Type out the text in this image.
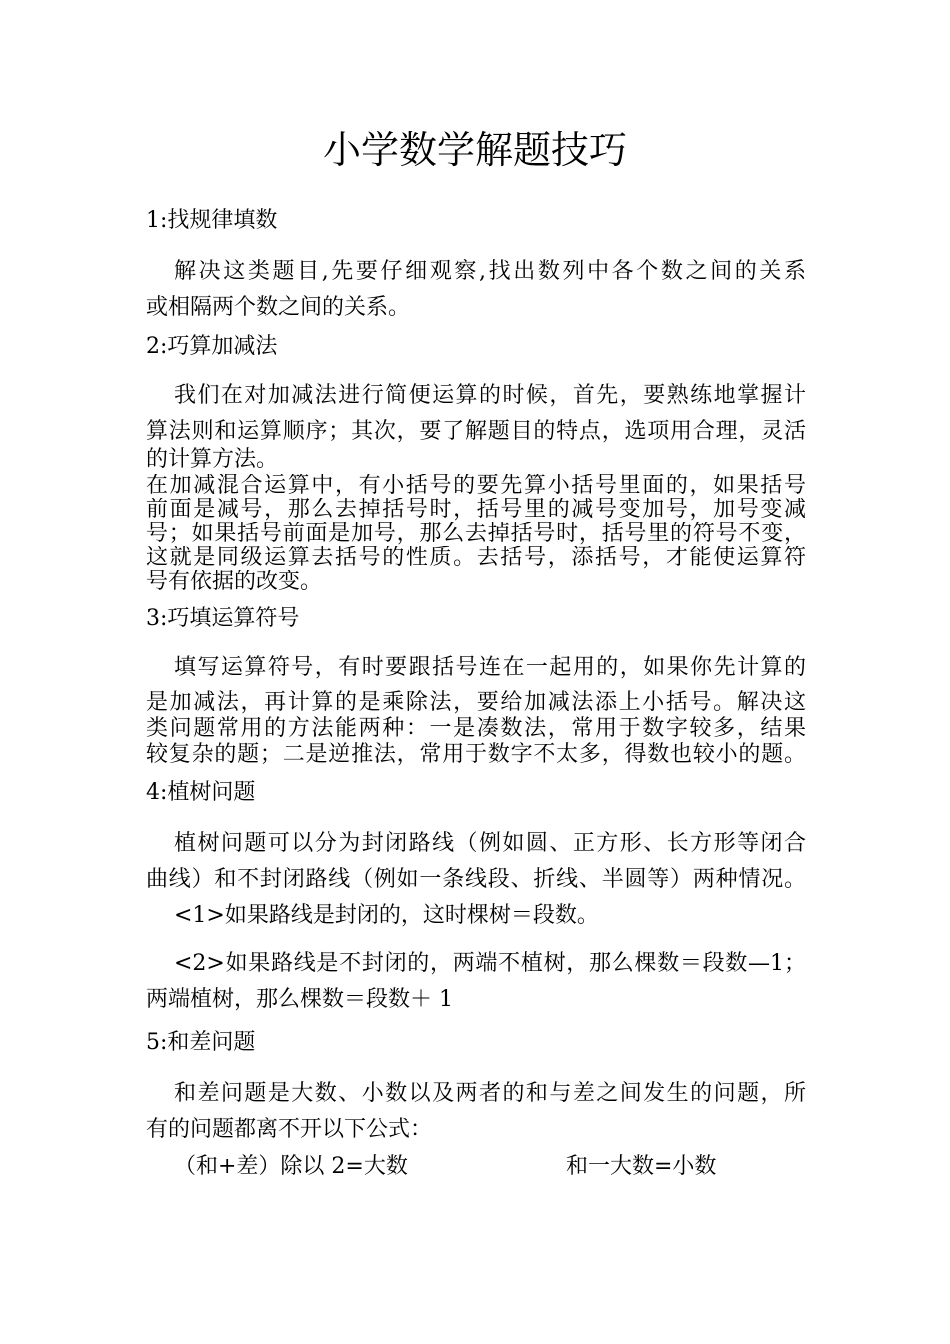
小学数学解题技巧
1:找规律填数
解决这类题目,先要仔细观察,找出数列中各个数之间的关系
或相隔两个数之间的关系。
2:巧算加减法
我们在对加减法进行简便运算的时候，首先，要熟练地掌握计
算法则和运算顺序；其次，要了解题目的特点，选项用合理，灵活
的计算方法。
在加减混合运算中，有小括号的要先算小括号里面的，如果括号
前面是减号，那么去掉括号时，括号里的减号变加号，加号变减
号；如果括号前面是加号，那么去掉括号时，括号里的符号不变，
这就是同级运算去括号的性质。去括号，添括号，才能使运算符
号有依据的改变。
3:巧填运算符号
填写运算符号，有时要跟括号连在一起用的，如果你先计算的
是加减法，再计算的是乘除法，要给加减法添上小括号。解决这
类问题常用的方法能两种：一是凑数法，常用于数字较多，结果
较复杂的题；二是逆推法，常用于数字不太多，得数也较小的题。
4:植树问题
植树问题可以分为封闭路线（例如圆、正方形、长方形等闭合
曲线）和不封闭路线（例如一条线段、折线、半圆等）两种情况。
<1>如果路线是封闭的，这时棵树＝段数。
<2>如果路线是不封闭的，两端不植树，那么棵数＝段数—1；
两端植树，那么棵数＝段数＋ 1
5:和差问题
和差问题是大数、小数以及两者的和与差之间发生的问题，所
有的问题都离不开以下公式：
（和+差）除以 2=大数	和一大数=小数
